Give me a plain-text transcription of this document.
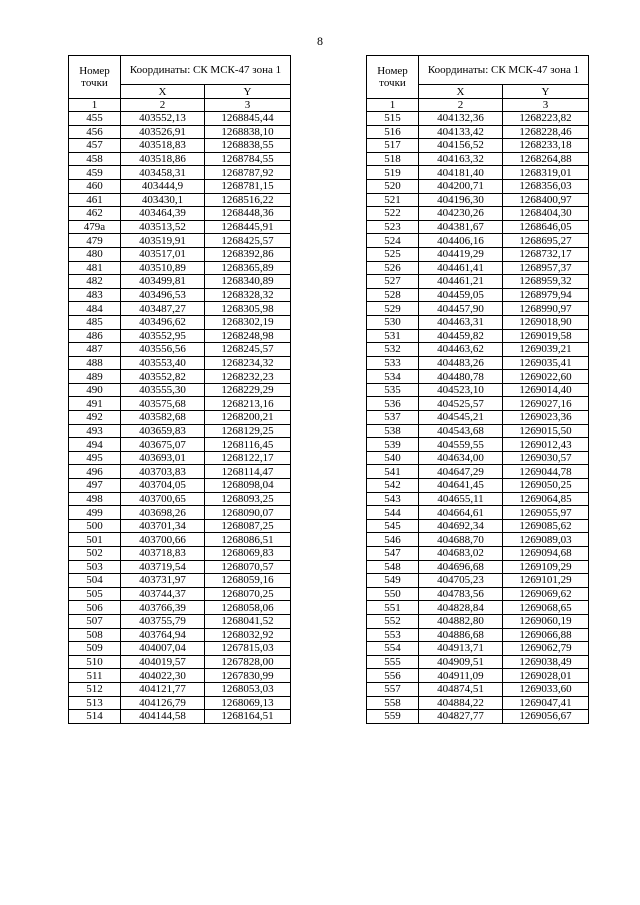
8
Номер точки	Координаты: СК МСК-47 зона 1	
	X	Y
1	2	3
455	403552,13	1268845,44
456	403526,91	1268838,10
457	403518,83	1268838,55
458	403518,86	1268784,55
459	403458,31	1268787,92
460	403444,9	1268781,15
461	403430,1	1268516,22
462	403464,39	1268448,36
479а	403513,52	1268445,91
479	403519,91	1268425,57
480	403517,01	1268392,86
481	403510,89	1268365,89
482	403499,81	1268340,89
483	403496,53	1268328,32
484	403487,27	1268305,98
485	403496,62	1268302,19
486	403552,95	1268248,98
487	403556,56	1268245,57
488	403553,40	1268234,32
489	403552,82	1268232,23
490	403555,30	1268229,29
491	403575,68	1268213,16
492	403582,68	1268200,21
493	403659,83	1268129,25
494	403675,07	1268116,45
495	403693,01	1268122,17
496	403703,83	1268114,47
497	403704,05	1268098,04
498	403700,65	1268093,25
499	403698,26	1268090,07
500	403701,34	1268087,25
501	403700,66	1268086,51
502	403718,83	1268069,83
503	403719,54	1268070,57
504	403731,97	1268059,16
505	403744,37	1268070,25
506	403766,39	1268058,06
507	403755,79	1268041,52
508	403764,94	1268032,92
509	404007,04	1267815,03
510	404019,57	1267828,00
511	404022,30	1267830,99
512	404121,77	1268053,03
513	404126,79	1268069,13
514	404144,58	1268164,51
Номер точки	Координаты: СК МСК-47 зона 1	
	X	Y
1	2	3
515	404132,36	1268223,82
516	404133,42	1268228,46
517	404156,52	1268233,18
518	404163,32	1268264,88
519	404181,40	1268319,01
520	404200,71	1268356,03
521	404196,30	1268400,97
522	404230,26	1268404,30
523	404381,67	1268646,05
524	404406,16	1268695,27
525	404419,29	1268732,17
526	404461,41	1268957,37
527	404461,21	1268959,32
528	404459,05	1268979,94
529	404457,90	1268990,97
530	404463,31	1269018,90
531	404459,82	1269019,58
532	404463,62	1269039,21
533	404483,26	1269035,41
534	404480,78	1269022,60
535	404523,10	1269014,40
536	404525,57	1269027,16
537	404545,21	1269023,36
538	404543,68	1269015,50
539	404559,55	1269012,43
540	404634,00	1269030,57
541	404647,29	1269044,78
542	404641,45	1269050,25
543	404655,11	1269064,85
544	404664,61	1269055,97
545	404692,34	1269085,62
546	404688,70	1269089,03
547	404683,02	1269094,68
548	404696,68	1269109,29
549	404705,23	1269101,29
550	404783,56	1269069,62
551	404828,84	1269068,65
552	404882,80	1269060,19
553	404886,68	1269066,88
554	404913,71	1269062,79
555	404909,51	1269038,49
556	404911,09	1269028,01
557	404874,51	1269033,60
558	404884,22	1269047,41
559	404827,77	1269056,67
